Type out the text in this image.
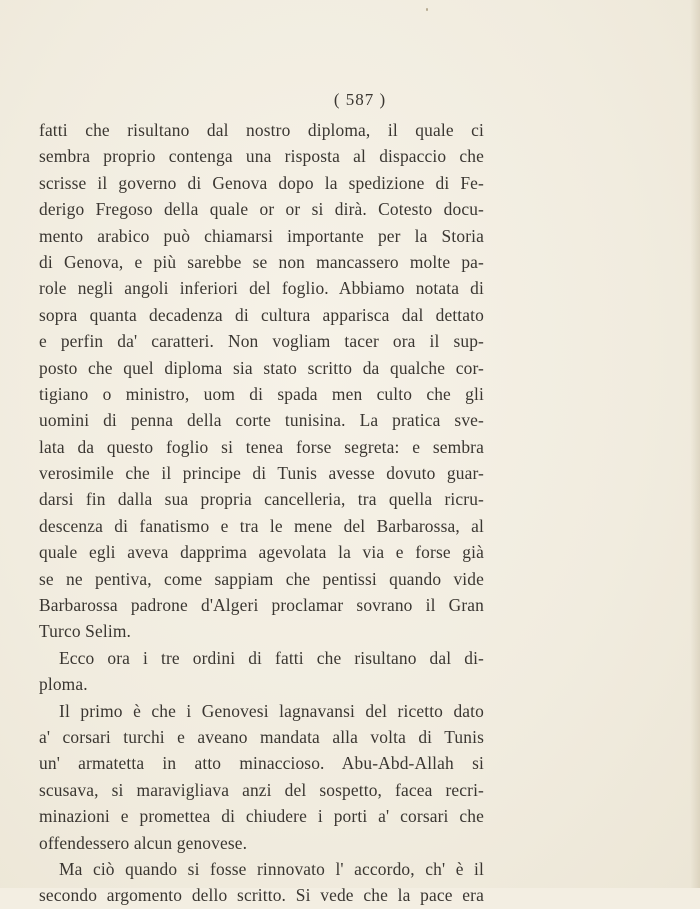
( 587 )
fatti che risultano dal nostro diploma, il quale ci
sembra proprio contenga una risposta al dispaccio che
scrisse il governo di Genova dopo la spedizione di Fe-
derigo Fregoso della quale or or si dirà. Cotesto docu-
mento arabico può chiamarsi importante per la Storia
di Genova, e più sarebbe se non mancassero molte pa-
role negli angoli inferiori del foglio. Abbiamo notata di
sopra quanta decadenza di cultura apparisca dal dettato
e perfin da' caratteri. Non vogliam tacer ora il sup-
posto che quel diploma sia stato scritto da qualche cor-
tigiano o ministro, uom di spada men culto che gli
uomini di penna della corte tunisina. La pratica sve-
lata da questo foglio si tenea forse segreta: e sembra
verosimile che il principe di Tunis avesse dovuto guar-
darsi fin dalla sua propria cancelleria, tra quella ricru-
descenza di fanatismo e tra le mene del Barbarossa, al
quale egli aveva dapprima agevolata la via e forse già
se ne pentiva, come sappiam che pentissi quando vide
Barbarossa padrone d'Algeri proclamar sovrano il Gran
Turco Selim.
Ecco ora i tre ordini di fatti che risultano dal di-
ploma.
Il primo è che i Genovesi lagnavansi del ricetto dato
a' corsari turchi e aveano mandata alla volta di Tunis
un' armatetta in atto minaccioso. Abu-Abd-Allah si
scusava, si maravigliava anzi del sospetto, facea recri-
minazioni e promettea di chiudere i porti a' corsari che
offendessero alcun genovese.
Ma ciò quando si fosse rinnovato l' accordo, ch' è il
secondo argomento dello scritto. Si vede che la pace era
